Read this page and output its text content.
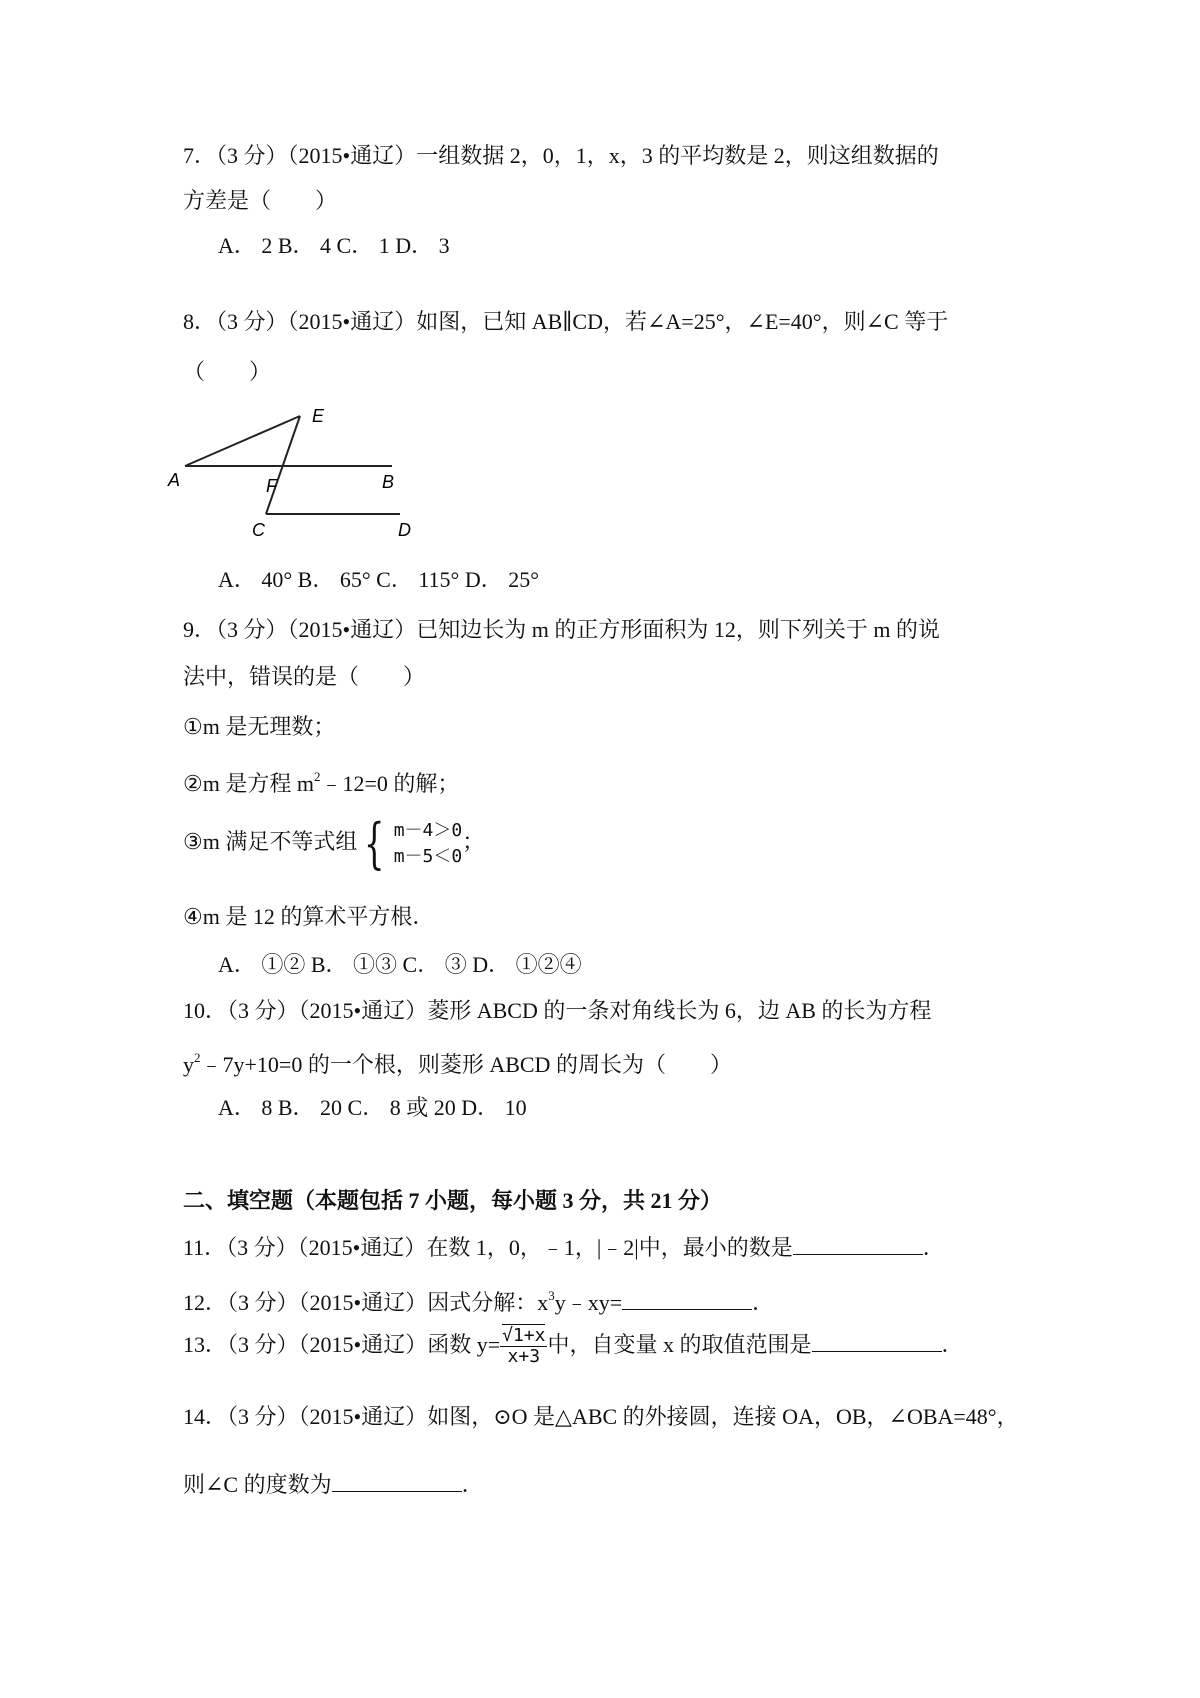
7．（3 分）（2015•通辽）一组数据 2，0，1，x，3 的平均数是 2，则这组数据的
方差是（　　）
A． 2 B． 4 C． 1 D． 3
8．（3 分）（2015•通辽）如图，已知 AB∥CD，若∠A=25°，∠E=40°，则∠C 等于
（　　）
E
A	F	B
C	D
A． 40° B． 65° C． 115° D． 25°
9．（3 分）（2015•通辽）已知边长为 m 的正方形面积为 12，则下列关于 m 的说
法中，错误的是（　　）
①m 是无理数；
②m 是方程 $m^2﹣12=0$ 的解；
③m 满足不等式组 { m－4＞0
m－5＜0
；
④m 是 12 的算术平方根．
A． ①② B． ①③ C． ③ D． ①②④
10．（3 分）（2015•通辽）菱形 ABCD 的一条对角线长为 6，边 AB 的长为方程
$y^2﹣7y+10=0$ 的一个根，则菱形 ABCD 的周长为（　　）
A． 8 B． 20 C． 8 或 20 D． 10
二、填空题（本题包括 7 小题，每小题 3 分，共 21 分）
11．（3 分）（2015•通辽）在数 1，0，﹣1，|﹣2|中，最小的数是	．
12．（3 分）（2015•通辽）因式分解：$x^3y﹣xy=$	．
13．（3 分）（2015•通辽）函数 $y= \frac{√1+x}{x+3}$ 中，自变量 x 的取值范围是	．
14．（3 分）（2015•通辽）如图，⊙O 是△ABC 的外接圆，连接 OA，OB，∠OBA=48°，
则∠C 的度数为	．
